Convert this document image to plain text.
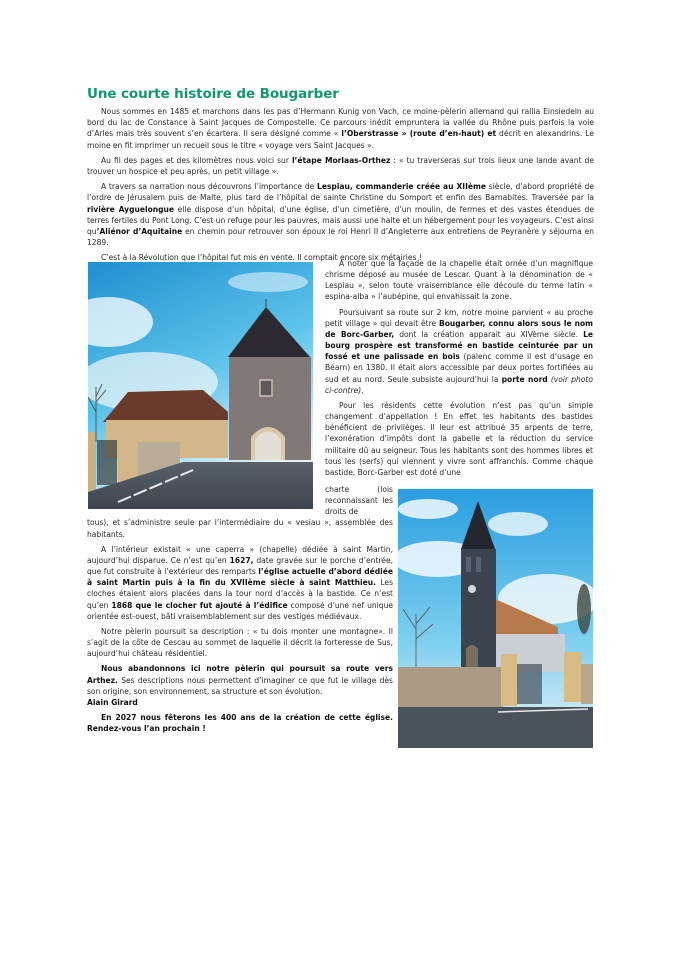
Une courte histoire de Bougarber

Nous sommes en 1485 et marchons dans les pas d’Hermann Kunig von Vach, ce moine-pèlerin allemand qui rallia Einsiedeln au bord du lac de Constance à Saint Jacques de Compostelle. Ce parcours inédit empruntera la vallée du Rhône puis parfois la voie d’Arles mais très souvent s’en écartera. Il sera désigné comme « l’Oberstrasse » (route d’en-haut) et décrit en alexandrins. Le moine en fit imprimer un recueil sous le titre « voyage vers Saint Jacques ».

Au fil des pages et des kilomètres nous voici sur l’étape Morlaas-Orthez : « tu traverseras sur trois lieux une lande avant de trouver un hospice et peu après, un petit village ».

A travers sa narration nous découvrons l’importance de Lespiau, commanderie créée au XIIème siècle, d’abord propriété de l’ordre de Jérusalem puis de Malte, plus tard de l’hôpital de sainte Christine du Somport et enfin des Barnabites. Traversée par la rivière Ayguelongue elle dispose d’un hôpital, d’une église, d’un cimetière, d’un moulin, de fermes et des vastes étendues de terres fertiles du Pont Long. C’est un refuge pour les pauvres, mais aussi une halte et un hébergement pour les voyageurs. C’est ainsi qu’Aliénor d’Aquitaine en chemin pour retrouver son époux le roi Henri II d’Angleterre aux entretiens de Peyranère y séjourna en 1289.

C’est à la Révolution que l’hôpital fut mis en vente. Il comptait encore six métairies !

A noter que la façade de la chapelle était ornée d’un magnifique chrisme déposé au musée de Lescar. Quant à la dénomination de « Lespiau », selon toute vraisemblance elle découle du terme latin « espina-alba » l’aubépine, qui envahissait la zone.

Poursuivant sa route sur 2 km, notre moine parvient « au proche petit village » qui devait être Bougarber, connu alors sous le nom de Borc-Garber, dont la création apparait au XIVème siècle. Le bourg prospère est transformé en bastide ceinturée par un fossé et une palissade en bois (palenc comme il est d’usage en Béarn) en 1380. Il était alors accessible par deux portes fortifiées au sud et au nord. Seule subsiste aujourd’hui la porte nord (voir photo ci-contre).

Pour les résidents cette évolution n’est pas qu’un simple changement d’appellation ! En effet les habitants des bastides bénéficient de privilèges. Il leur est attribué 35 arpents de terre, l’exonération d’impôts dont la gabelle et la réduction du service militaire dû au seigneur. Tous les habitants sont des hommes libres et tous les (serfs) qui viennent y vivre sont affranchis. Comme chaque bastide, Borc-Garber est doté d’une

charte (lois reconnaissant les droits de

tous), et s’administre seule par l’intermédiaire du « vesiau », assemblée des habitants.

A l’intérieur existait « une caperra » (chapelle) dédiée à saint Martin, aujourd’hui disparue. Ce n’est qu’en 1627, date gravée sur le porche d’entrée, que fut construite à l’extérieur des remparts l’église actuelle d’abord dédiée à saint Martin puis à la fin du XVIIème siècle à saint Matthieu. Les cloches étaient alors placées dans la tour nord d’accès à la bastide. Ce n’est qu’en 1868 que le clocher fut ajouté à l’édifice composé d’une nef unique orientée est-ouest, bâti vraisemblablement sur des vestiges médiévaux.

Notre pèlerin poursuit sa description : « tu dois monter une montagne». Il s’agit de la côte de Cescau au sommet de laquelle il décrit la forteresse de Sus, aujourd’hui château résidentiel.

Nous abandonnons ici notre pèlerin qui poursuit sa route vers Arthez. Ses descriptions nous permettent d’imaginer ce que fut le village dès son origine, son environnement, sa structure et son évolution.

Alain Girard

En 2027 nous fêterons les 400 ans de la création de cette église. Rendez-vous l’an prochain !
